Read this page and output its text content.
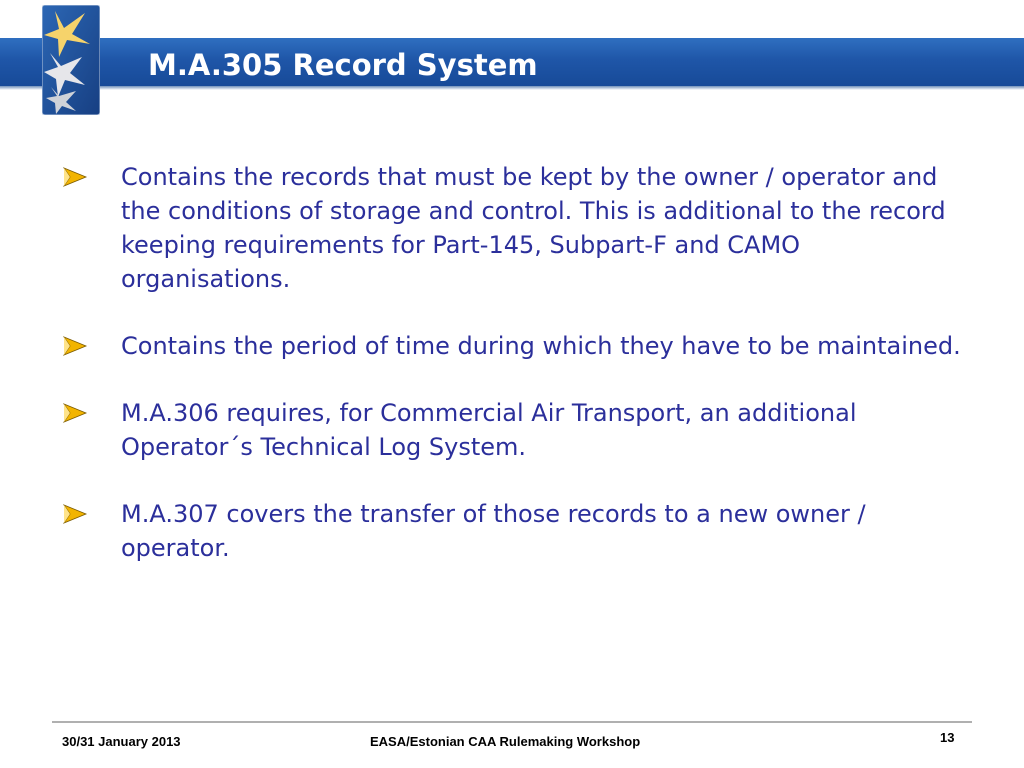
M.A.305 Record System
Contains the records that must be kept by the owner / operator and the conditions of storage and control. This is additional to the record keeping requirements for Part-145, Subpart-F and CAMO organisations.
Contains the period of time during which they have to be maintained.
M.A.306 requires, for Commercial Air Transport, an additional Operator´s Technical Log System.
M.A.307 covers the transfer of those records to a new owner / operator.
13
30/31 January 2013	EASA/Estonian CAA Rulemaking Workshop
